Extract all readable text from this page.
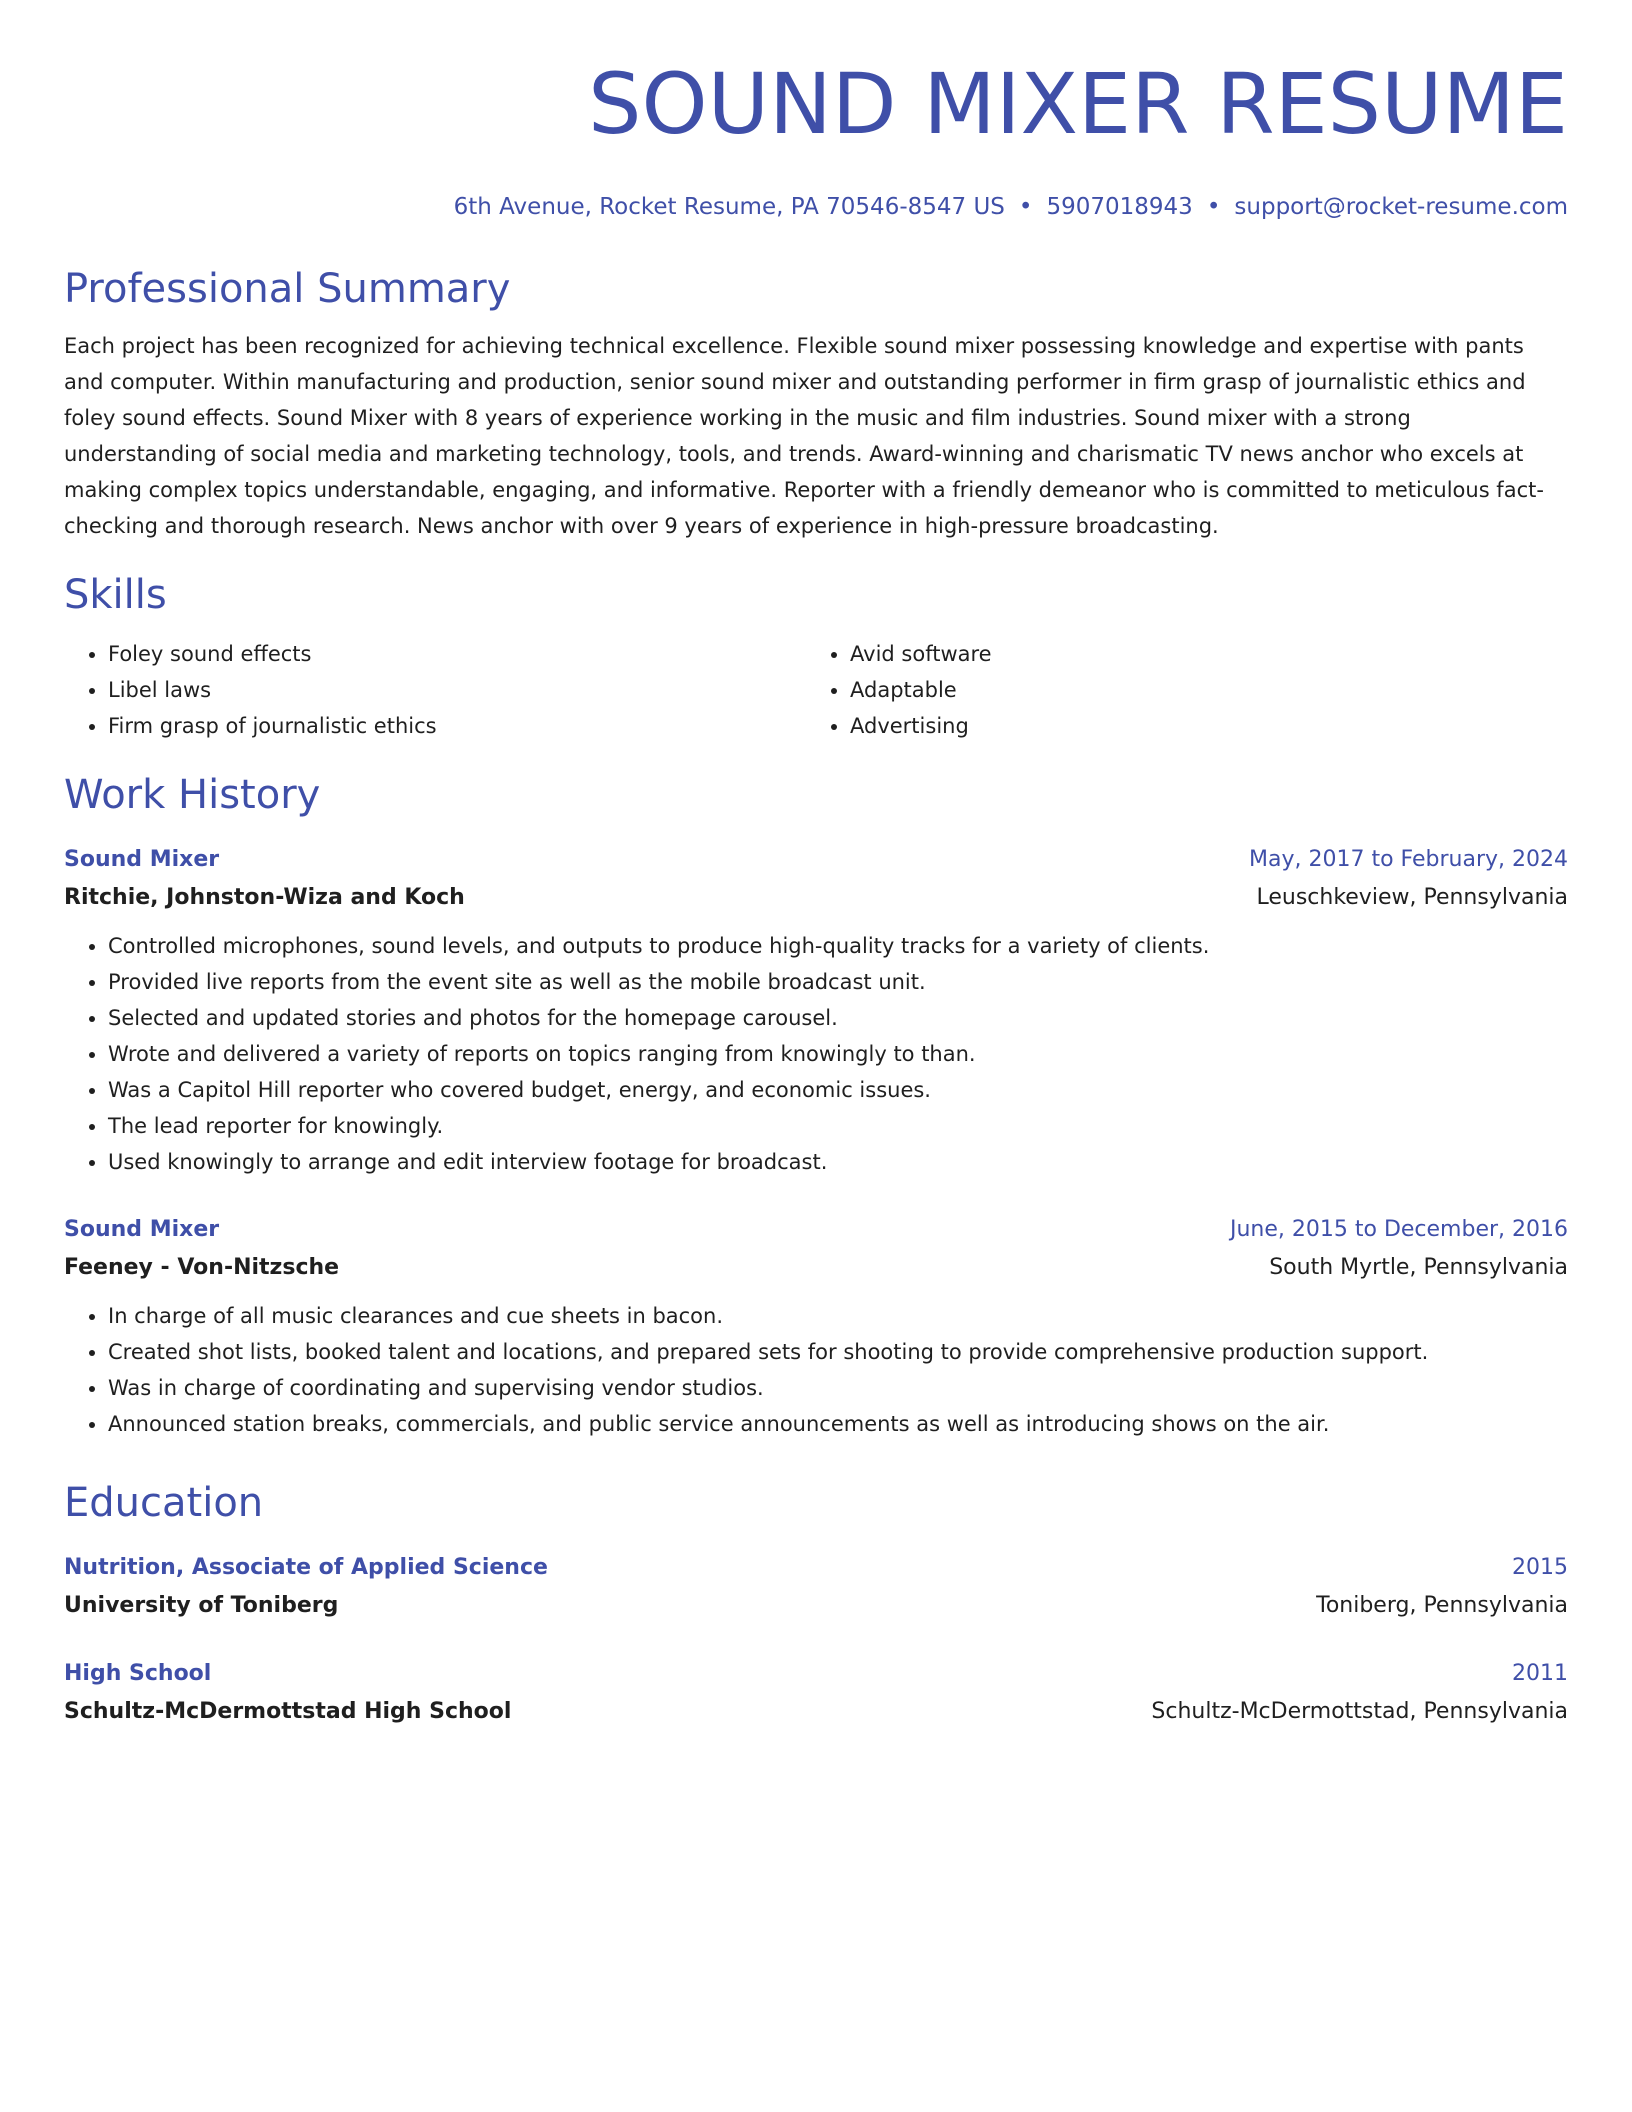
SOUND MIXER RESUME
6th Avenue, Rocket Resume, PA 70546-8547 US • 5907018943 • support@rocket-resume.com
Professional Summary
Each project has been recognized for achieving technical excellence. Flexible sound mixer possessing knowledge and expertise with pants and computer. Within manufacturing and production, senior sound mixer and outstanding performer in firm grasp of journalistic ethics and foley sound effects. Sound Mixer with 8 years of experience working in the music and film industries. Sound mixer with a strong understanding of social media and marketing technology, tools, and trends. Award-winning and charismatic TV news anchor who excels at making complex topics understandable, engaging, and informative. Reporter with a friendly demeanor who is committed to meticulous fact-checking and thorough research. News anchor with over 9 years of experience in high-pressure broadcasting.
Skills
• Foley sound effects
• Libel laws
• Firm grasp of journalistic ethics
• Avid software
• Adaptable
• Advertising
Work History
Sound Mixer	May, 2017 to February, 2024
Ritchie, Johnston-Wiza and Koch	Leuschkeview, Pennsylvania
• Controlled microphones, sound levels, and outputs to produce high-quality tracks for a variety of clients.
• Provided live reports from the event site as well as the mobile broadcast unit.
• Selected and updated stories and photos for the homepage carousel.
• Wrote and delivered a variety of reports on topics ranging from knowingly to than.
• Was a Capitol Hill reporter who covered budget, energy, and economic issues.
• The lead reporter for knowingly.
• Used knowingly to arrange and edit interview footage for broadcast.
Sound Mixer	June, 2015 to December, 2016
Feeney - Von-Nitzsche	South Myrtle, Pennsylvania
• In charge of all music clearances and cue sheets in bacon.
• Created shot lists, booked talent and locations, and prepared sets for shooting to provide comprehensive production support.
• Was in charge of coordinating and supervising vendor studios.
• Announced station breaks, commercials, and public service announcements as well as introducing shows on the air.
Education
Nutrition, Associate of Applied Science	2015
University of Toniberg	Toniberg, Pennsylvania
High School	2011
Schultz-McDermottstad High School	Schultz-McDermottstad, Pennsylvania
